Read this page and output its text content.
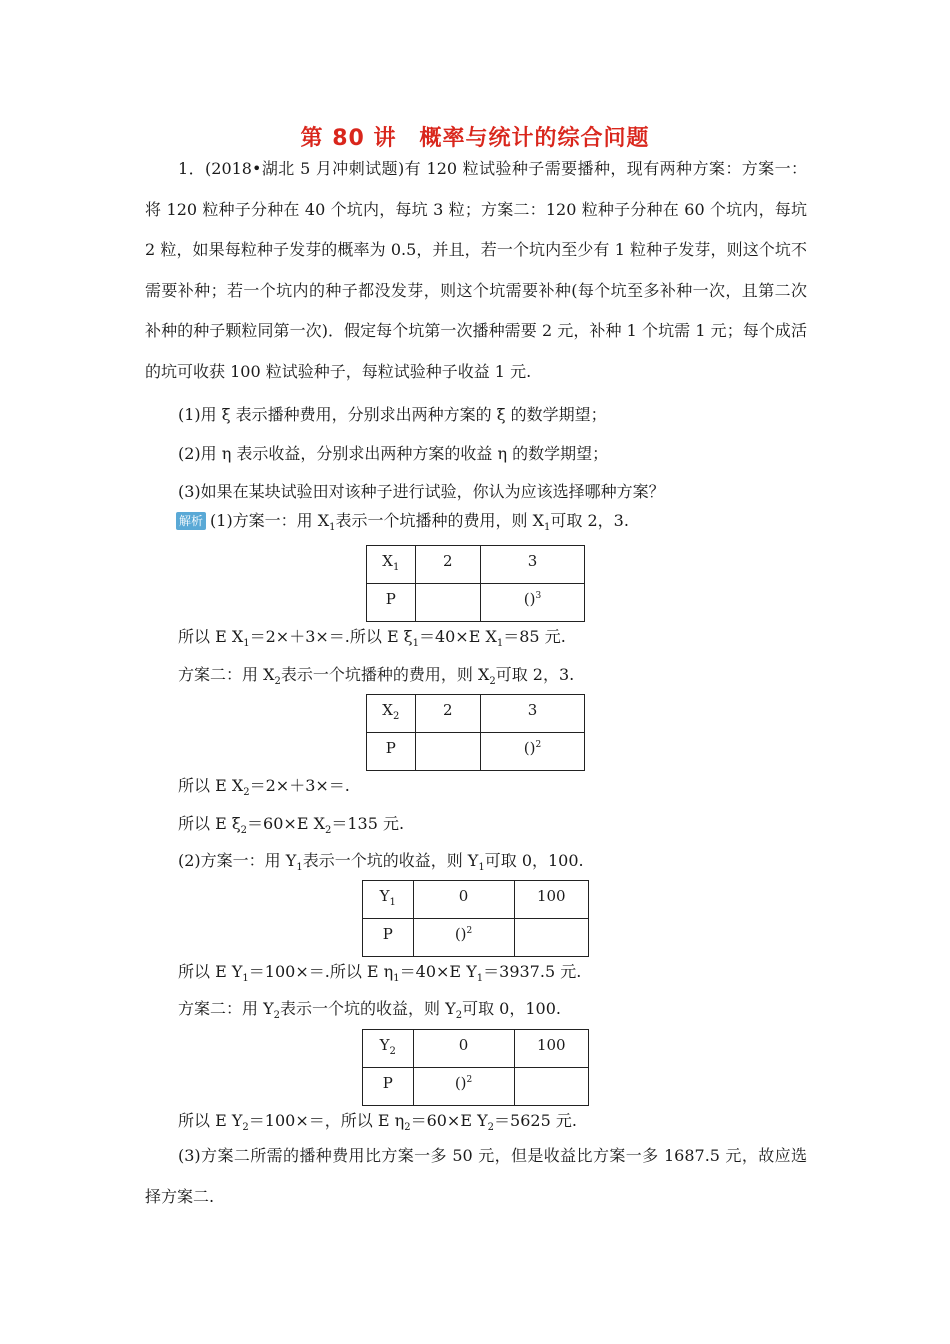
第 80 讲　概率与统计的综合问题
1．(2018•湖北 5 月冲刺试题)有 120 粒试验种子需要播种，现有两种方案：方案一：将 120 粒种子分种在 40 个坑内，每坑 3 粒；方案二：120 粒种子分种在 60 个坑内，每坑 2 粒，如果每粒种子发芽的概率为 0.5，并且，若一个坑内至少有 1 粒种子发芽，则这个坑不需要补种；若一个坑内的种子都没发芽，则这个坑需要补种(每个坑至多补种一次，且第二次补种的种子颗粒同第一次)．假定每个坑第一次播种需要 2 元，补种 1 个坑需 1 元；每个成活的坑可收获 100 粒试验种子，每粒试验种子收益 1 元.
(1)用 ξ 表示播种费用，分别求出两种方案的 ξ 的数学期望；
(2)用 η 表示收益，分别求出两种方案的收益 η 的数学期望；
(3)如果在某块试验田对该种子进行试验，你认为应该选择哪种方案？
解析 (1)方案一：用 $X_1$表示一个坑播种的费用，则 $X_1$可取 2，3.
$X_1$	2	3
P		()$^3$
所以 E $X_1=2\times+3\times=$.所以 E $\xi_1=40\times E$ $X_1=85$ 元.
方案二：用 $X_2$表示一个坑播种的费用，则 $X_2$可取 2，3.
$X_2$	2	3
P		()$^2$
所以 E $X_2=2\times+3\times=$.
所以 E $\xi_2=60\times E$ $X_2=135$ 元.
(2)方案一：用 $Y_1$表示一个坑的收益，则 $Y_1$可取 0，100.
$Y_1$	0	100
P	()$^2$	
所以 E $Y_1=100\times=$.所以 E $\eta_1=40\times E$ $Y_1=3937.5$ 元.
方案二：用 $Y_2$表示一个坑的收益，则 $Y_2$可取 0，100.
$Y_2$	0	100
P	()$^2$	
所以 E $Y_2=100\times=$，所以 E $\eta_2=60\times E$ $Y_2=5625$ 元.
(3)方案二所需的播种费用比方案一多 50 元，但是收益比方案一多 1687.5 元，故应选择方案二.
